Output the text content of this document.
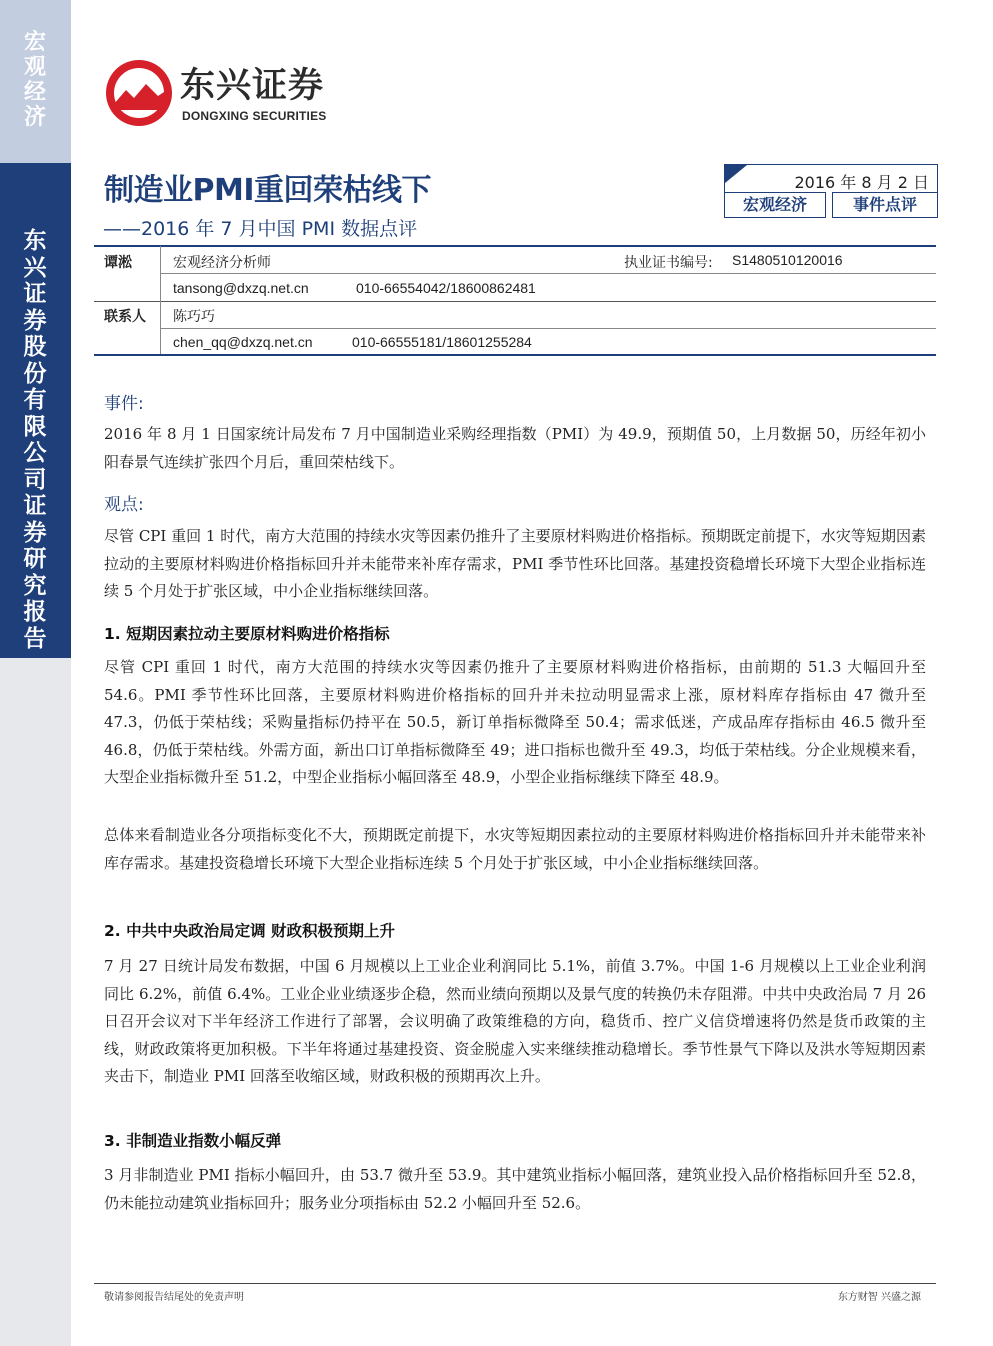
宏观经济
东兴证券股份有限公司证券研究报告
东兴证券
DONGXING SECURITIES
制造业PMI重回荣枯线下
——2016 年 7 月中国 PMI 数据点评
2016 年 8 月 2 日
宏观经济	事件点评
谭淞	宏观经济分析师	执业证书编号: S1480510120016
tansong@dxzq.net.cn	010-66554042/18600862481
联系人 陈巧巧
chen_qq@dxzq.net.cn	010-66555181/18601255284
事件:
2016 年 8 月 1 日国家统计局发布 7 月中国制造业采购经理指数（PMI）为 49.9，预期值 50，上月数据 50，历经年初小阳春景气连续扩张四个月后，重回荣枯线下。
观点:
尽管 CPI 重回 1 时代，南方大范围的持续水灾等因素仍推升了主要原材料购进价格指标。预期既定前提下，水灾等短期因素拉动的主要原材料购进价格指标回升并未能带来补库存需求，PMI 季节性环比回落。基建投资稳增长环境下大型企业指标连续 5 个月处于扩张区域，中小企业指标继续回落。
1. 短期因素拉动主要原材料购进价格指标
尽管 CPI 重回 1 时代，南方大范围的持续水灾等因素仍推升了主要原材料购进价格指标，由前期的 51.3 大幅回升至 54.6。PMI 季节性环比回落，主要原材料购进价格指标的回升并未拉动明显需求上涨，原材料库存指标由 47 微升至 47.3，仍低于荣枯线；采购量指标仍持平在 50.5，新订单指标微降至 50.4；需求低迷，产成品库存指标由 46.5 微升至 46.8，仍低于荣枯线。外需方面，新出口订单指标微降至 49；进口指标也微升至 49.3，均低于荣枯线。分企业规模来看，大型企业指标微升至 51.2，中型企业指标小幅回落至 48.9，小型企业指标继续下降至 48.9。
总体来看制造业各分项指标变化不大，预期既定前提下，水灾等短期因素拉动的主要原材料购进价格指标回升并未能带来补库存需求。基建投资稳增长环境下大型企业指标连续 5 个月处于扩张区域，中小企业指标继续回落。
2. 中共中央政治局定调 财政积极预期上升
7 月 27 日统计局发布数据，中国 6 月规模以上工业企业利润同比 5.1%，前值 3.7%。中国 1-6 月规模以上工业企业利润同比 6.2%，前值 6.4%。工业企业业绩逐步企稳，然而业绩向预期以及景气度的转换仍未存阻滞。中共中央政治局 7 月 26 日召开会议对下半年经济工作进行了部署，会议明确了政策维稳的方向，稳货币、控广义信贷增速将仍然是货币政策的主线，财政政策将更加积极。下半年将通过基建投资、资金脱虚入实来继续推动稳增长。季节性景气下降以及洪水等短期因素夹击下，制造业 PMI 回落至收缩区域，财政积极的预期再次上升。
3. 非制造业指数小幅反弹
3 月非制造业 PMI 指标小幅回升，由 53.7 微升至 53.9。其中建筑业指标小幅回落，建筑业投入品价格指标回升至 52.8，仍未能拉动建筑业指标回升；服务业分项指标由 52.2 小幅回升至 52.6。
敬请参阅报告结尾处的免责声明	东方财智 兴盛之源
